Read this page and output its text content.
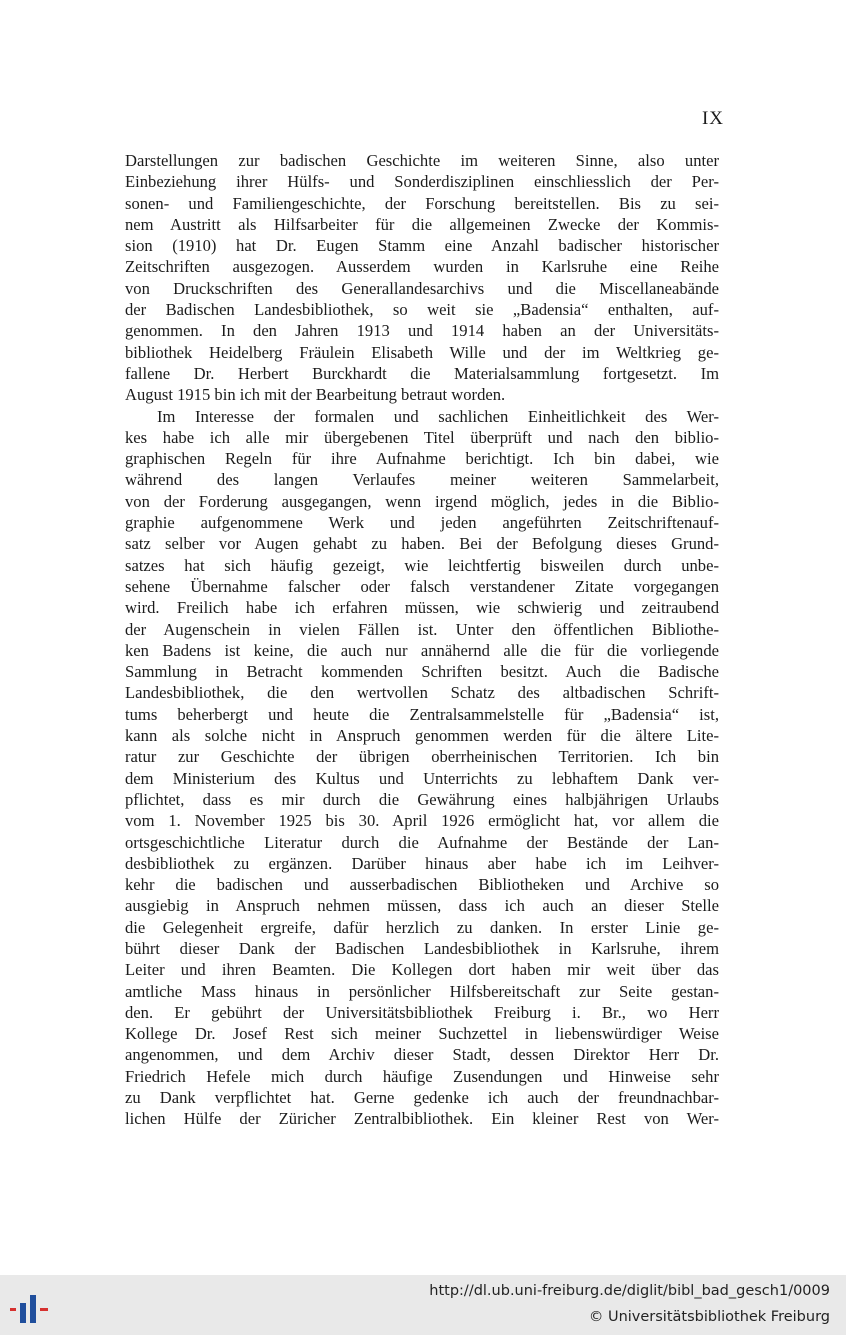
IX
Darstellungen zur badischen Geschichte im weiteren Sinne, also unter
Einbeziehung ihrer Hülfs- und Sonderdisziplinen einschliesslich der Per-
sonen- und Familiengeschichte, der Forschung bereitstellen. Bis zu sei-
nem Austritt als Hilfsarbeiter für die allgemeinen Zwecke der Kommis-
sion (1910) hat Dr. Eugen Stamm eine Anzahl badischer historischer
Zeitschriften ausgezogen. Ausserdem wurden in Karlsruhe eine Reihe
von Druckschriften des Generallandesarchivs und die Miscellaneabände
der Badischen Landesbibliothek, so weit sie „Badensia“ enthalten, auf-
genommen. In den Jahren 1913 und 1914 haben an der Universitäts-
bibliothek Heidelberg Fräulein Elisabeth Wille und der im Weltkrieg ge-
fallene Dr. Herbert Burckhardt die Materialsammlung fortgesetzt. Im
August 1915 bin ich mit der Bearbeitung betraut worden.
Im Interesse der formalen und sachlichen Einheitlichkeit des Wer-
kes habe ich alle mir übergebenen Titel überprüft und nach den biblio-
graphischen Regeln für ihre Aufnahme berichtigt. Ich bin dabei, wie
während des langen Verlaufes meiner weiteren Sammelarbeit,
von der Forderung ausgegangen, wenn irgend möglich, jedes in die Biblio-
graphie aufgenommene Werk und jeden angeführten Zeitschriftenauf-
satz selber vor Augen gehabt zu haben. Bei der Befolgung dieses Grund-
satzes hat sich häufig gezeigt, wie leichtfertig bisweilen durch unbe-
sehene Übernahme falscher oder falsch verstandener Zitate vorgegangen
wird. Freilich habe ich erfahren müssen, wie schwierig und zeitraubend
der Augenschein in vielen Fällen ist. Unter den öffentlichen Bibliothe-
ken Badens ist keine, die auch nur annähernd alle die für die vorliegende
Sammlung in Betracht kommenden Schriften besitzt. Auch die Badische
Landesbibliothek, die den wertvollen Schatz des altbadischen Schrift-
tums beherbergt und heute die Zentralsammelstelle für „Badensia“ ist,
kann als solche nicht in Anspruch genommen werden für die ältere Lite-
ratur zur Geschichte der übrigen oberrheinischen Territorien. Ich bin
dem Ministerium des Kultus und Unterrichts zu lebhaftem Dank ver-
pflichtet, dass es mir durch die Gewährung eines halbjährigen Urlaubs
vom 1. November 1925 bis 30. April 1926 ermöglicht hat, vor allem die
ortsgeschichtliche Literatur durch die Aufnahme der Bestände der Lan-
desbibliothek zu ergänzen. Darüber hinaus aber habe ich im Leihver-
kehr die badischen und ausserbadischen Bibliotheken und Archive so
ausgiebig in Anspruch nehmen müssen, dass ich auch an dieser Stelle
die Gelegenheit ergreife, dafür herzlich zu danken. In erster Linie ge-
bührt dieser Dank der Badischen Landesbibliothek in Karlsruhe, ihrem
Leiter und ihren Beamten. Die Kollegen dort haben mir weit über das
amtliche Mass hinaus in persönlicher Hilfsbereitschaft zur Seite gestan-
den. Er gebührt der Universitätsbibliothek Freiburg i. Br., wo Herr
Kollege Dr. Josef Rest sich meiner Suchzettel in liebenswürdiger Weise
angenommen, und dem Archiv dieser Stadt, dessen Direktor Herr Dr.
Friedrich Hefele mich durch häufige Zusendungen und Hinweise sehr
zu Dank verpflichtet hat. Gerne gedenke ich auch der freundnachbar-
lichen Hülfe der Züricher Zentralbibliothek. Ein kleiner Rest von Wer-
http://dl.ub.uni-freiburg.de/diglit/bibl_bad_gesch1/0009
© Universitätsbibliothek Freiburg
